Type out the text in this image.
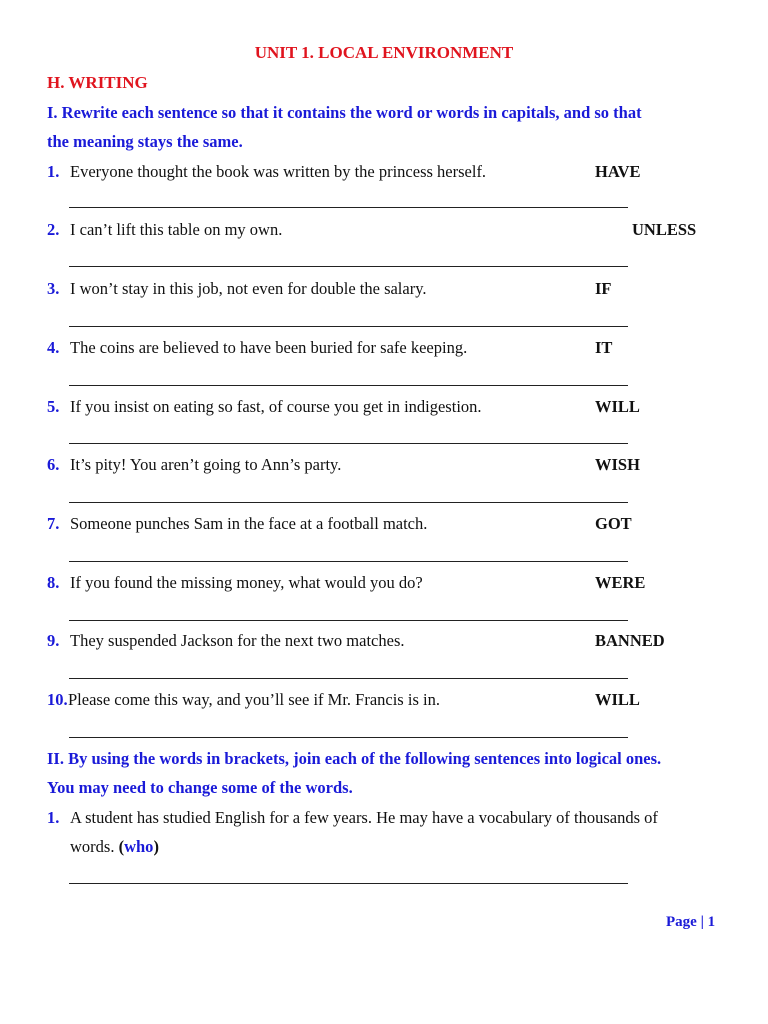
UNIT 1. LOCAL ENVIRONMENT
H. WRITING
I. Rewrite each sentence so that it contains the word or words in capitals, and so that
the meaning stays the same.
1. Everyone thought the book was written by the princess herself.	HAVE
2. I can’t lift this table on my own.	UNLESS
3. I won’t stay in this job, not even for double the salary.	IF
4. The coins are believed to have been buried for safe keeping.	IT
5. If you insist on eating so fast, of course you get in indigestion.	WILL
6. It’s pity! You aren’t going to Ann’s party.	WISH
7. Someone punches Sam in the face at a football match.	GOT
8. If you found the missing money, what would you do?	WERE
9. They suspended Jackson for the next two matches.	BANNED
10. Please come this way, and you’ll see if Mr. Francis is in.	WILL
II. By using the words in brackets, join each of the following sentences into logical ones.
You may need to change some of the words.
1. A student has studied English for a few years. He may have a vocabulary of thousands of
words. (who)
Page | 1
